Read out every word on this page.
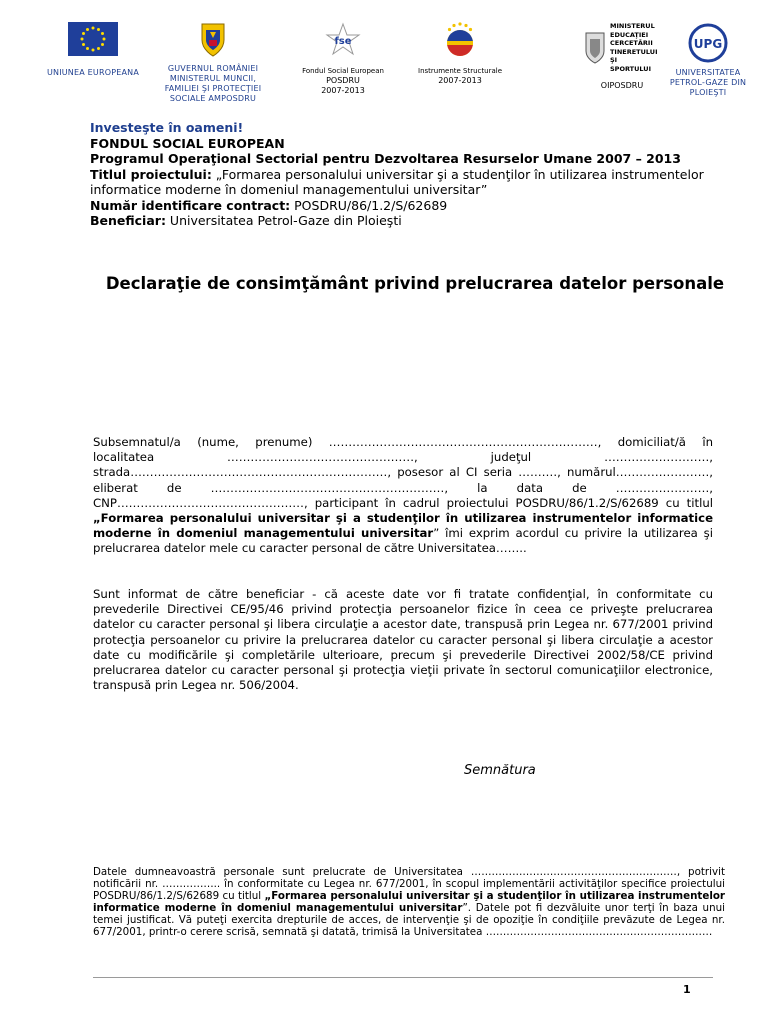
UNIUNEA EUROPEANA	GUVERNUL ROMÂNIEI MINISTERUL MUNCII, FAMILIEI ŞI PROTECŢIEI SOCIALE AMPOSDRU
fse
Fondul Social European
POSDRU
2007-2013
Instrumente Structurale
2007-2013
MINISTERUL EDUCAŢIEI CERCETĂRII TINERETULUI ŞI SPORTULUI
OIPOSDRU
UPG
UNIVERSITATEA PETROL-GAZE DIN PLOIEŞTI
Investeşte în oameni!
FONDUL SOCIAL EUROPEAN
Programul Operaţional Sectorial pentru Dezvoltarea Resurselor Umane 2007 – 2013
Titlul proiectului: „Formarea personalului universitar şi a studenţilor în utilizarea instrumentelor informatice moderne în domeniul managementului universitar”
Număr identificare contract: POSDRU/86/1.2/S/62689
Beneficiar: Universitatea Petrol-Gaze din Ploieşti
Declaraţie de consimţământ privind prelucrarea datelor personale
Subsemnatul/a (nume, prenume) ……………………………………………………………, domiciliat/ă în localitatea …………………………………………, judeţul ………………………, strada…………………………………………………………, posesor al CI seria ………., numărul……………………, eliberat de ……………………………………………………, la data de ……………………, CNP…………………………………………, participant în cadrul proiectului POSDRU/86/1.2/S/62689 cu titlul „Formarea personalului universitar şi a studenţilor în utilizarea instrumentelor informatice moderne în domeniul managementului universitar” îmi exprim acordul cu privire la utilizarea şi prelucrarea datelor mele cu caracter personal de către Universitatea……..
Sunt informat de către beneficiar - că aceste date vor fi tratate confidenţial, în conformitate cu prevederile Directivei CE/95/46 privind protecţia persoanelor fizice în ceea ce priveşte prelucrarea datelor cu caracter personal şi libera circulaţie a acestor date, transpusă prin Legea nr. 677/2001 privind protecţia persoanelor cu privire la prelucrarea datelor cu caracter personal şi libera circulaţie a acestor date cu modificările şi completările ulterioare, precum şi prevederile Directivei 2002/58/CE privind prelucrarea datelor cu caracter personal şi protecţia vieţii private în sectorul comunicaţiilor electronice, transpusă prin Legea nr. 506/2004.
Semnătura
Datele dumneavoastră personale sunt prelucrate de Universitatea ……………………………………………………, potrivit notificării nr. …………….. în conformitate cu Legea nr. 677/2001, în scopul implementării activităţilor specifice proiectului POSDRU/86/1.2/S/62689 cu titlul „Formarea personalului universitar şi a studenţilor în utilizarea instrumentelor informatice moderne în domeniul managementului universitar”. Datele pot fi dezvăluite unor terţi în baza unui temei justificat. Vă puteţi exercita drepturile de acces, de intervenţie şi de opoziţie în condiţiile prevăzute de Legea nr. 677/2001, printr-o cerere scrisă, semnată şi datată, trimisă la Universitatea …………………………………………………………
1
